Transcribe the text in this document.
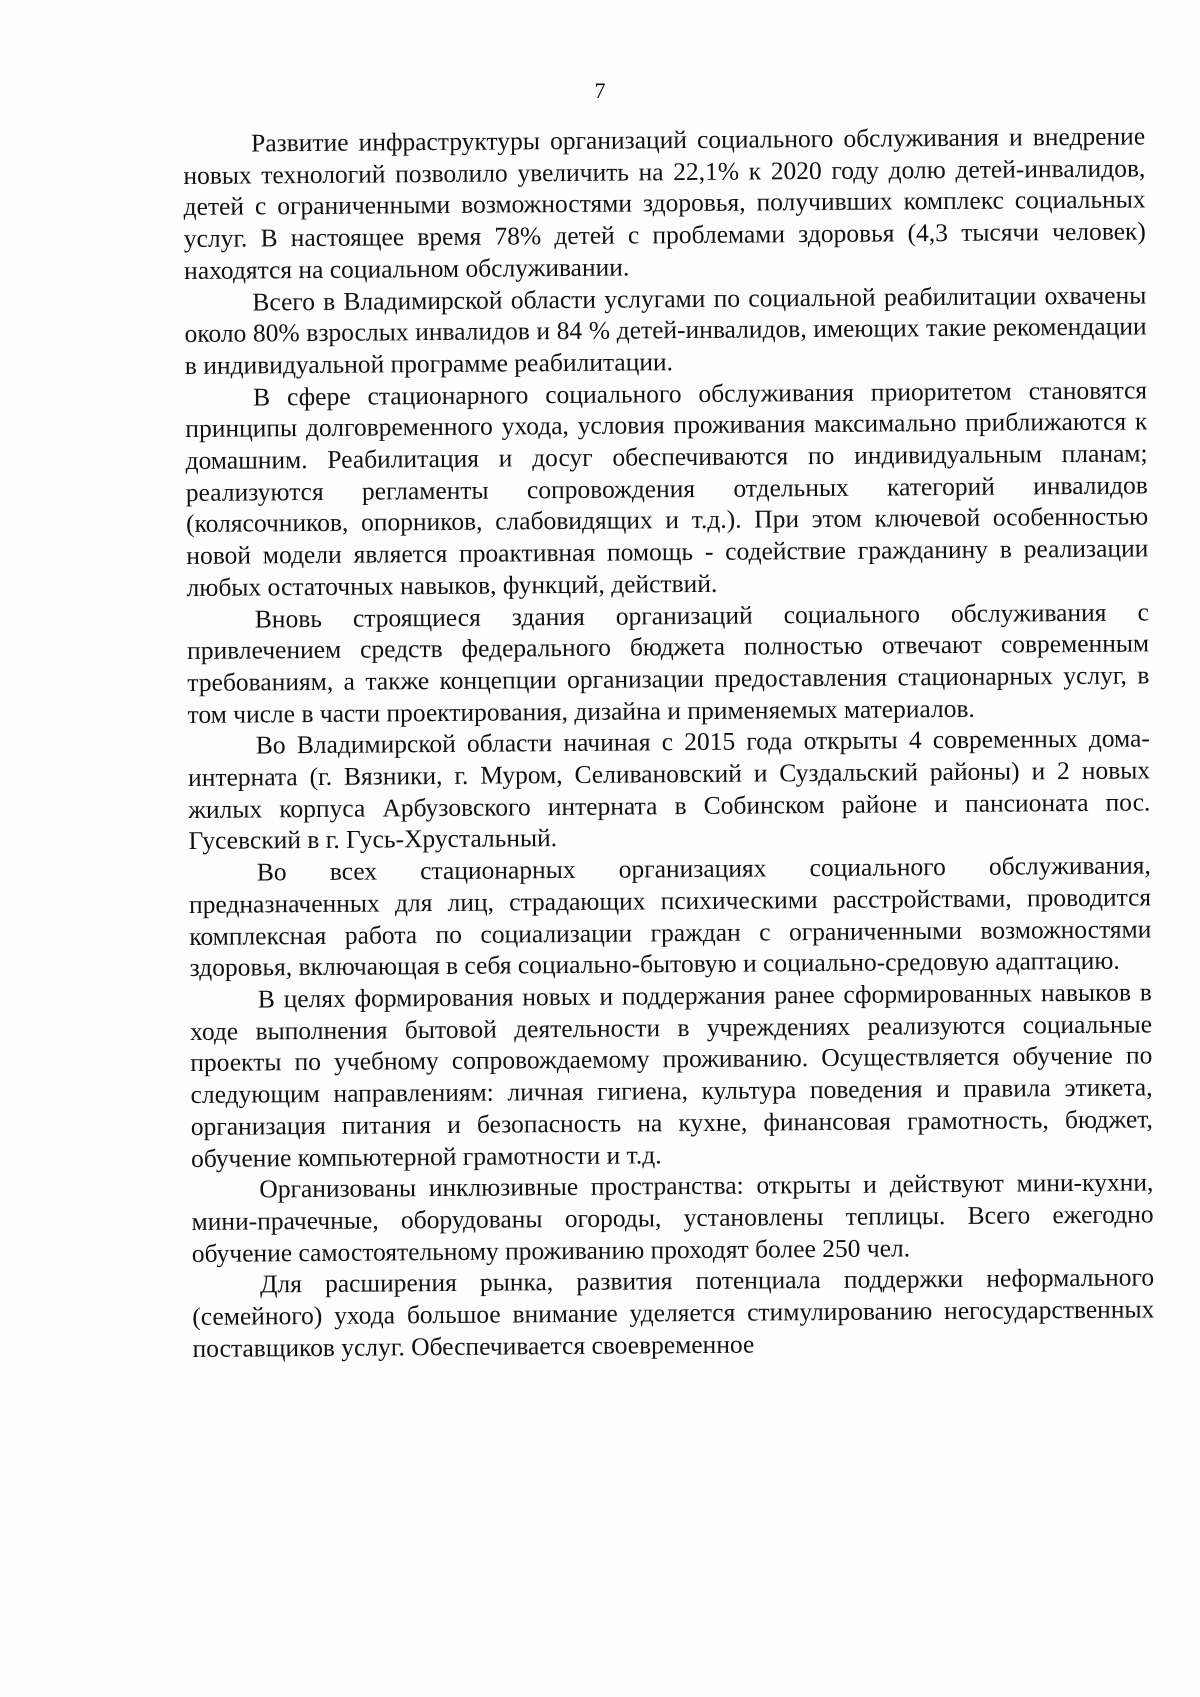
7

Развитие инфраструктуры организаций социального обслуживания и внедрение новых технологий позволило увеличить на 22,1% к 2020 году долю детей-инвалидов, детей с ограниченными возможностями здоровья, получивших комплекс социальных услуг. В настоящее время 78% детей с проблемами здоровья (4,3 тысячи человек) находятся на социальном обслуживании.

Всего в Владимирской области услугами по социальной реабилитации охвачены около 80% взрослых инвалидов и 84 % детей-инвалидов, имеющих такие рекомендации в индивидуальной программе реабилитации.

В сфере стационарного социального обслуживания приоритетом становятся принципы долговременного ухода, условия проживания максимально приближаются к домашним. Реабилитация и досуг обеспечиваются по индивидуальным планам; реализуются регламенты сопровождения отдельных категорий инвалидов (колясочников, опорников, слабовидящих и т.д.). При этом ключевой особенностью новой модели является проактивная помощь - содействие гражданину в реализации любых остаточных навыков, функций, действий.

Вновь строящиеся здания организаций социального обслуживания с привлечением средств федерального бюджета полностью отвечают современным требованиям, а также концепции организации предоставления стационарных услуг, в том числе в части проектирования, дизайна и применяемых материалов.

Во Владимирской области начиная с 2015 года открыты 4 современных дома-интерната (г. Вязники, г. Муром, Селивановский и Суздальский районы) и 2 новых жилых корпуса Арбузовского интерната в Собинском районе и пансионата пос. Гусевский в г. Гусь-Хрустальный.

Во всех стационарных организациях социального обслуживания, предназначенных для лиц, страдающих психическими расстройствами, проводится комплексная работа по социализации граждан с ограниченными возможностями здоровья, включающая в себя социально-бытовую и социально-средовую адаптацию.

В целях формирования новых и поддержания ранее сформированных навыков в ходе выполнения бытовой деятельности в учреждениях реализуются социальные проекты по учебному сопровождаемому проживанию. Осуществляется обучение по следующим направлениям: личная гигиена, культура поведения и правила этикета, организация питания и безопасность на кухне, финансовая грамотность, бюджет, обучение компьютерной грамотности и т.д.

Организованы инклюзивные пространства: открыты и действуют мини-кухни, мини-прачечные, оборудованы огороды, установлены теплицы. Всего ежегодно обучение самостоятельному проживанию проходят более 250 чел.

Для расширения рынка, развития потенциала поддержки неформального (семейного) ухода большое внимание уделяется стимулированию негосударственных поставщиков услуг. Обеспечивается своевременное
